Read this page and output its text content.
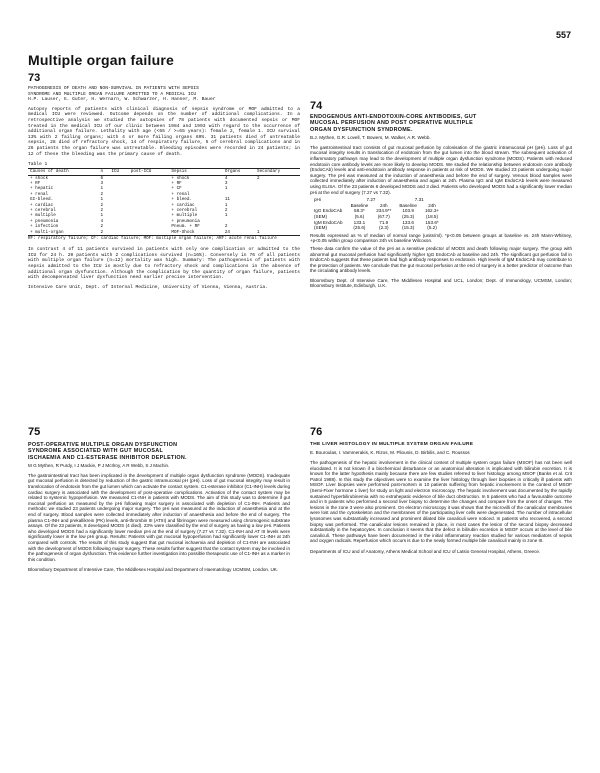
557
Multiple organ failure
73
PATHOGENESIS OF DEATH AND NON-SURVIVAL IN PATIENTS WITH SEPSIS
SYNDROME AND MULTIPLE ORGAN FAILURE ADMITTED TO A MEDICAL ICU
H.P. Lauser, G. Guter, H. Wernarn, W. Schwarzer, H. Hanner, M. Bauer

Autopsy reports of patients with clinical diagnosis of sepsis syndrome or MOF admitted to a medical ICU were reviewed. Outcome depends on the number of additional complications. In a retrospective analysis we studied the autopsies of 78 patients with documented sepsis or MOF treated in the medical ICU of our clinic between 1984 and 1993 with regard to the occurrence of additional organ failure. Lethality with age (<65 / >=65 years): female 2, female 1. ICU survival 13% with 2 failing organs; with 4 or more failing organs 69%. 31 patients died of untreatable sepsis, 28 died of refractory shock, 14 of respiratory failure, 5 of cerebral complications and in 26 patients the organ failure was untreatable. Bleeding episodes were recorded in 24 patients; in 12 of these the bleeding was the primary cause of death.

Table 1
Causes of death	n	ICU	post-ICU	Sepsis	Organs	Secondary
+ shock	6			+ shock	4	2
+ RF	3			+ RF	3	
+ hepatic	1			+ CF	1	
+ renal	2			+ renal		
GI-bleed.	1			+ bleed.	11	
+ cardiac	2			+ cardiac	1	
+ cerebral	2			+ cerebral	2	
+ multiple	1			+ multiple	1	
+ pneumonia	4			+ pneumonia		
+ infection	2			Pneum. + RF	2	
+ multi-organ	2			MOF-Shock	24	1
RF: respiratory failure; CF: cardiac failure; MOF: multiple organ failure; ARF: acute renal failure

In contrast 4 of 11 patients survived in patients with only one complication or admitted to the ICU for 24 h. 20 patients with 2 complications survived (n=16%). Conversely in 76 of all patients with multiple organ failure (n=12) mortality was high. Summary: The pathogenesis of patients with sepsis admitted to the ICU is mostly due to refractory shock and complications in the absence of additional organ dysfunction. Although the complication by the quantity of organ failure, patients with decompensated liver dysfunction need earlier precise intervention.

Intensive Care Unit, Dept. of Internal Medicine, University of Vienna, Vienna, Austria.

74

ENDOGENOUS ANTI-ENDOTOXIN-CORE ANTIBODIES, GUT

MUCOSAL PERFUSION AND POST OPERATIVE MULTIPLE

ORGAN DYSFUNCTION SYNDROME.

B.J. Mythen, G.R. Lovell, T. Bowers, M. Walker, A.R. Webb.

The gastrointestinal tract consists of gut mucosal perfusion by colonisation of the gastric intramucosal pH (pHi). Loss of gut mucosal integrity results in translocation of endotoxin from the gut lumen into the blood stream. The subsequent activation of inflammatory pathways may lead to the development of multiple organ dysfunction syndrome (MODS). Patients with reduced endotoxin core antibody levels are more likely to develop MODS. We studied the relationship between endotoxin core antibody (EndoCAb) levels and anti-endotoxin antibody response in patients at risk of MODS. We studied 23 patients undergoing major surgery. The pHi was measured at the induction of anaesthesia and before the end of surgery. Venous blood samples were collected immediately after induction of anaesthesia and again at 24h. Plasma IgG and IgM EndoCAb levels were measured using ELISA. Of the 23 patients 8 developed MODS and 3 died. Patients who developed MODS had a significantly lower median pHi at the end of surgery (7.27 vs 7.32).

pHi	7.27		7.31	
	Baseline	24h	Baseline	24h
IgG EndoCAb	58.3*	234.9**	103.9	162.3+
(SEM)	(5.6)	(67.7)	(25.3)	(18.5)
IgM EndoCAb	133.1	71.9	133.6	153.6*
(SEM)	(25.6)	(2.3)	(15.3)	(5.2)

Results expressed as % of median of normal range (units/ml). *p<0.05 between groups at baseline vs. 24h Mann-Whitney, +p<0.05 within group comparison 24h vs baseline Wilcoxon.

These data confirm the value of the pHi as a sensitive predictor of MODS and death following major surgery. The group with abnormal gut mucosal perfusion had significantly higher IgG EndoCAb at baseline and 24h. The significant gut perfusion fall in EndoCAb suggests that these patients had high antibody responses to endotoxin. High levels of IgM EndoCAb may contribute to the protection of patients. We conclude that the gut mucosal perfusion at the end of surgery is a better predictor of outcome than the circulating antibody levels.

Bloomsbury Dept. of Intensive Care, The Middlesex Hospital and UCL, London; Dept. of Immunology, UCMSM, London; Bloomsbury Institute, Edinburgh, U.K.

75

POST-OPERATIVE MULTIPLE ORGAN DYSFUNCTION

SYNDROME ASSOCIATED WITH GUT MUCOSAL

ISCHAEMIA AND C1-ESTERASE INHIBITOR DEPLETION.

M G Mythen, R Purdy, I J Mackie, P J McIlroy, A R Webb, S J Machin.

The gastrointestinal tract has been implicated in the development of multiple organ dysfunction syndrome (MODS). Inadequate gut mucosal perfusion is detected by reduction of the gastric intramucosal pH (pHi). Loss of gut mucosal integrity may result in translocation of endotoxin from the gut lumen which can activate the contact system. C1-esterase inhibitor (C1-INH) levels during cardiac surgery is associated with the development of post-operative complications. Activation of the contact system may be related to systemic hypoperfusion. We measured C1-INH in patients with MODS. The aim of this study was to determine if gut mucosal perfusion as measured by the pHi following major surgery is associated with depletion of C1-INH. Patients and methods: we studied 23 patients undergoing major surgery. The pHi was measured at the induction of anaesthesia and at the end of surgery. Blood samples were collected immediately after induction of anaesthesia and before the end of surgery. The plasma C1-INH and prekallikrein (PK) levels, anti-thrombin III (ATIII) and fibrinogen were measured using chromogenic substrate assays. Of the 23 patients, 8 developed MODS (4 died). 23% were classified by the end of surgery as having a low pHi. Patients who developed MODS had a significantly lower median pHi at the end of surgery (7.27 vs 7.32). C1-INH and AT III levels were significantly lower in the low pHi group. Results: Patients with gut mucosal hypoperfusion had significantly lower C1-INH at 24h compared with controls. The results of this study suggest that gut mucosal ischaemia and depletion of C1-INH are associated with the development of MODS following major surgery. These results further suggest that the contact system may be involved in the pathogenesis of organ dysfunction. This evidence further investigation into possible therapeutic use of C1-INH as a marker in this condition.

Bloomsbury Department of Intensive Care, The Middlesex Hospital and Department of Haematology UCMSM, London. UK.

76

THE LIVER HISTOLOGY IN MULTIPLE SYSTEM ORGAN FAILURE

E. Bouroulas, I. Vammerakis, K. Rizos, M. Pliounis, D. Birbilis, and C. Roussos

The pathogenesis of the hepatic involvement in the clinical context of multiple system organ failure (MSOF) has not been well elucidated. It is not known if a biochemical disturbance or an anatomical alteration is implicated with bilirubin excretion. It is known for the latter hypothesis mainly because there are few studies referred to liver histology among MSOF (Banks et al. Crit Patrol 1988). In this study the objectives were to examine the liver histology through liver biopsies in critically ill patients with MSOF. Liver biopsies were performed post-mortem in 10 patients suffering from hepatic involvement in the context of MSOF (Semi-Fixer hormone 1 liver) for study on light and electron microscopy. The hepatic involvement was documented by the rapidly sustained hyperbilirubinemia with no extrahepatic evidence of bile duct obstruction. In 5 patients who had a favourable outcome and in 5 patients who performed a second liver biopsy to determine the changes and compare from the onset of changes. The lesions in the zone 3 were also prominent. On electron microscopy it was shown that the microvilli of the canalicular membranes were lost and the cytoskeleton and the membranes of the participating liver cells were degenerated. The number of intracellular lysosomes was substantially increased and prominent dilated bile canaliculi were noticed. In patients who recovered, a second biopsy was performed. The canalicular lesions remained in place, in most cases the lesion of the second biopsy decreased substantially in the hepatocytes. In conclusion it seems that the defect in bilirubin excretion in MSOF occurs at the level of bile canaliculi. These pathways have been documented in the initial inflammatory reaction studied for various mediators of sepsis and oxygen radicals. Reperfusion which occurs is due to the newly formed multiple bile canaliculi mainly in zone III.

Departments of ICU and of Anatomy, Athens Medical School and ICU of Latsio General Hospital, Athens, Greece.
